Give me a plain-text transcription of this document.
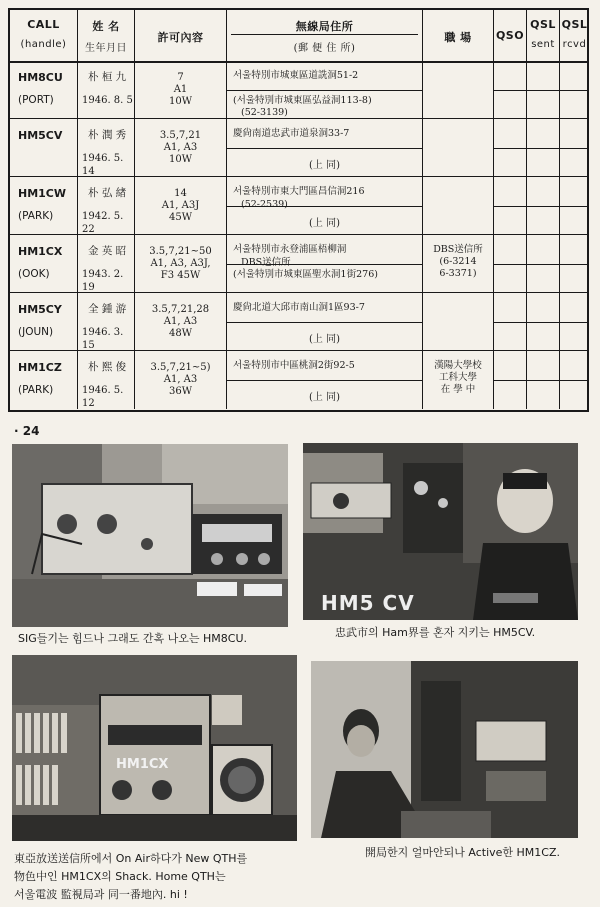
CALL
(handle)
姓 名
生年月日
許可內容
無線局住所
(郵 便 住 所)
職 場	QSO
QSL
sent
QSL
rcvd
HM8CU
(PORT)
朴 桓 九
1946. 8. 5
7
A1
10W
서울特別市城東區道詵洞51-2
(서울特別市城東區弘益洞113-8)
(52-3139)
HM5CV 朴 潤 秀
1946. 5. 14
3.5,7,21
A1, A3
10W
慶尙南道忠武市道泉洞33-7
(上 同)
HM1CW
(PARK)
朴 弘 緖
1942. 5. 22
14
A1, A3J
45W
서울特別市東大門區昌信洞216
(52-2539)
(上 同)
HM1CX
(OOK)
金 英 昭
1943. 2. 19
3.5,7,21~50
A1, A3, A3J,
F3 45W
서울特別市永登浦區梧柳洞
DBS送信所
(서울特別市城東區聖水洞1街276)
DBS送信所
(6-3214
6-3371)
HM5CY
(JOUN)
全 鍾 游
1946. 3. 15
3.5,7,21,28
A1, A3
48W
慶尙北道大邱市南山洞1區93-7
(上 同)
HM1CZ
(PARK)
朴 熙 俊
1946. 5. 12
3.5,7,21~5)
A1, A3
36W
서울特別市中區桃洞2街92-5
(上 同)
漢陽大學校
工科大學
在 學 中
· 24
SIG들기는 힘드나 그래도 간혹 나오는 HM8CU.
HM5 CV
忠武市의 Ham界를 혼자 지키는 HM5CV.
HM1CX
東亞放送送信所에서 On Air하다가 New QTH를
物色中인 HM1CX의 Shack. Home QTH는
서울電波 監視局과 同一番地內. hi !
開局한지 얼마안되나 Active한 HM1CZ.
